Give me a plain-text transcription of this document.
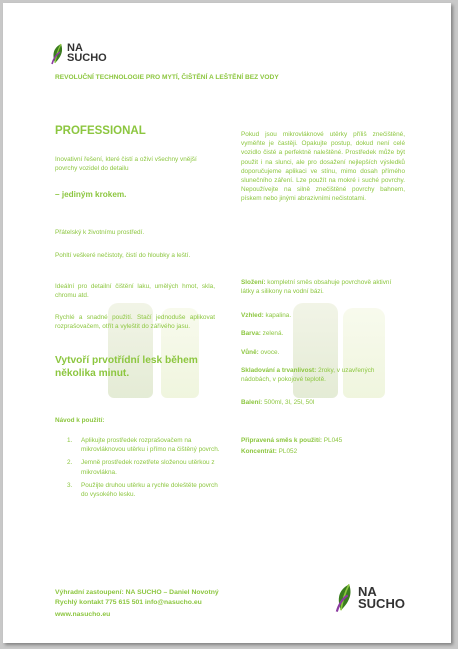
NA
SUCHO
REVOLUČNÍ TECHNOLOGIE PRO MYTÍ, ČIŠTĚNÍ A LEŠTĚNÍ BEZ VODY
PROFESSIONAL
Inovativní řešení, které čistí a oživí všechny vnější povrchy vozidel do detailu
– jediným krokem.
Přátelský k životnímu prostředí.
Pohltí veškeré nečistoty, čistí do hloubky a leští.
Ideální pro detailní čištění laku, umělých hmot, skla, chromu atd.
Rychlé a snadné použití. Stačí jednoduše aplikovat rozprašovačem, otřít a vyleštit do zářivého jasu.
Vytvoří prvotřídní lesk během několika minut.
Návod k použití:
1. Aplikujte prostředek rozprašovačem na mikrovláknovou utěrku i přímo na čištěný povrch.
2. Jemně prostředek rozetřete složenou utěrkou z mikrovlákna.
3. Použijte druhou utěrku a rychle doleštěte povrch do vysokého lesku.
Pokud jsou mikrovláknové utěrky příliš znečištěné, vyměňte je častěji. Opakujte postup, dokud není celé vozidlo čisté a perfektně naleštěné. Prostředek může být použit i na slunci, ale pro dosažení nejlepších výsledků doporučujeme aplikaci ve stínu, mimo dosah přímého slunečního záření. Lze použít na mokré i suché povrchy. Nepoužívejte na silně znečištěné povrchy bahnem, pískem nebo jinými abrazivními nečistotami.
Složení: kompletní směs obsahuje povrchově aktivní látky a silikony na vodní bázi.
Vzhled: kapalina.
Barva: zelená.
Vůně: ovoce.
Skladování a trvanlivost: 2roky, v uzavřených nádobách, v pokojové teplotě.
Balení: 500ml, 3l, 25l, 50l
Připravená směs k použití: PL045
Koncentrát: PL052
Výhradní zastoupení: NA SUCHO – Daniel Novotný
Rychlý kontakt 775 615 501 info@nasucho.eu
www.nasucho.eu
NA
SUCHO
